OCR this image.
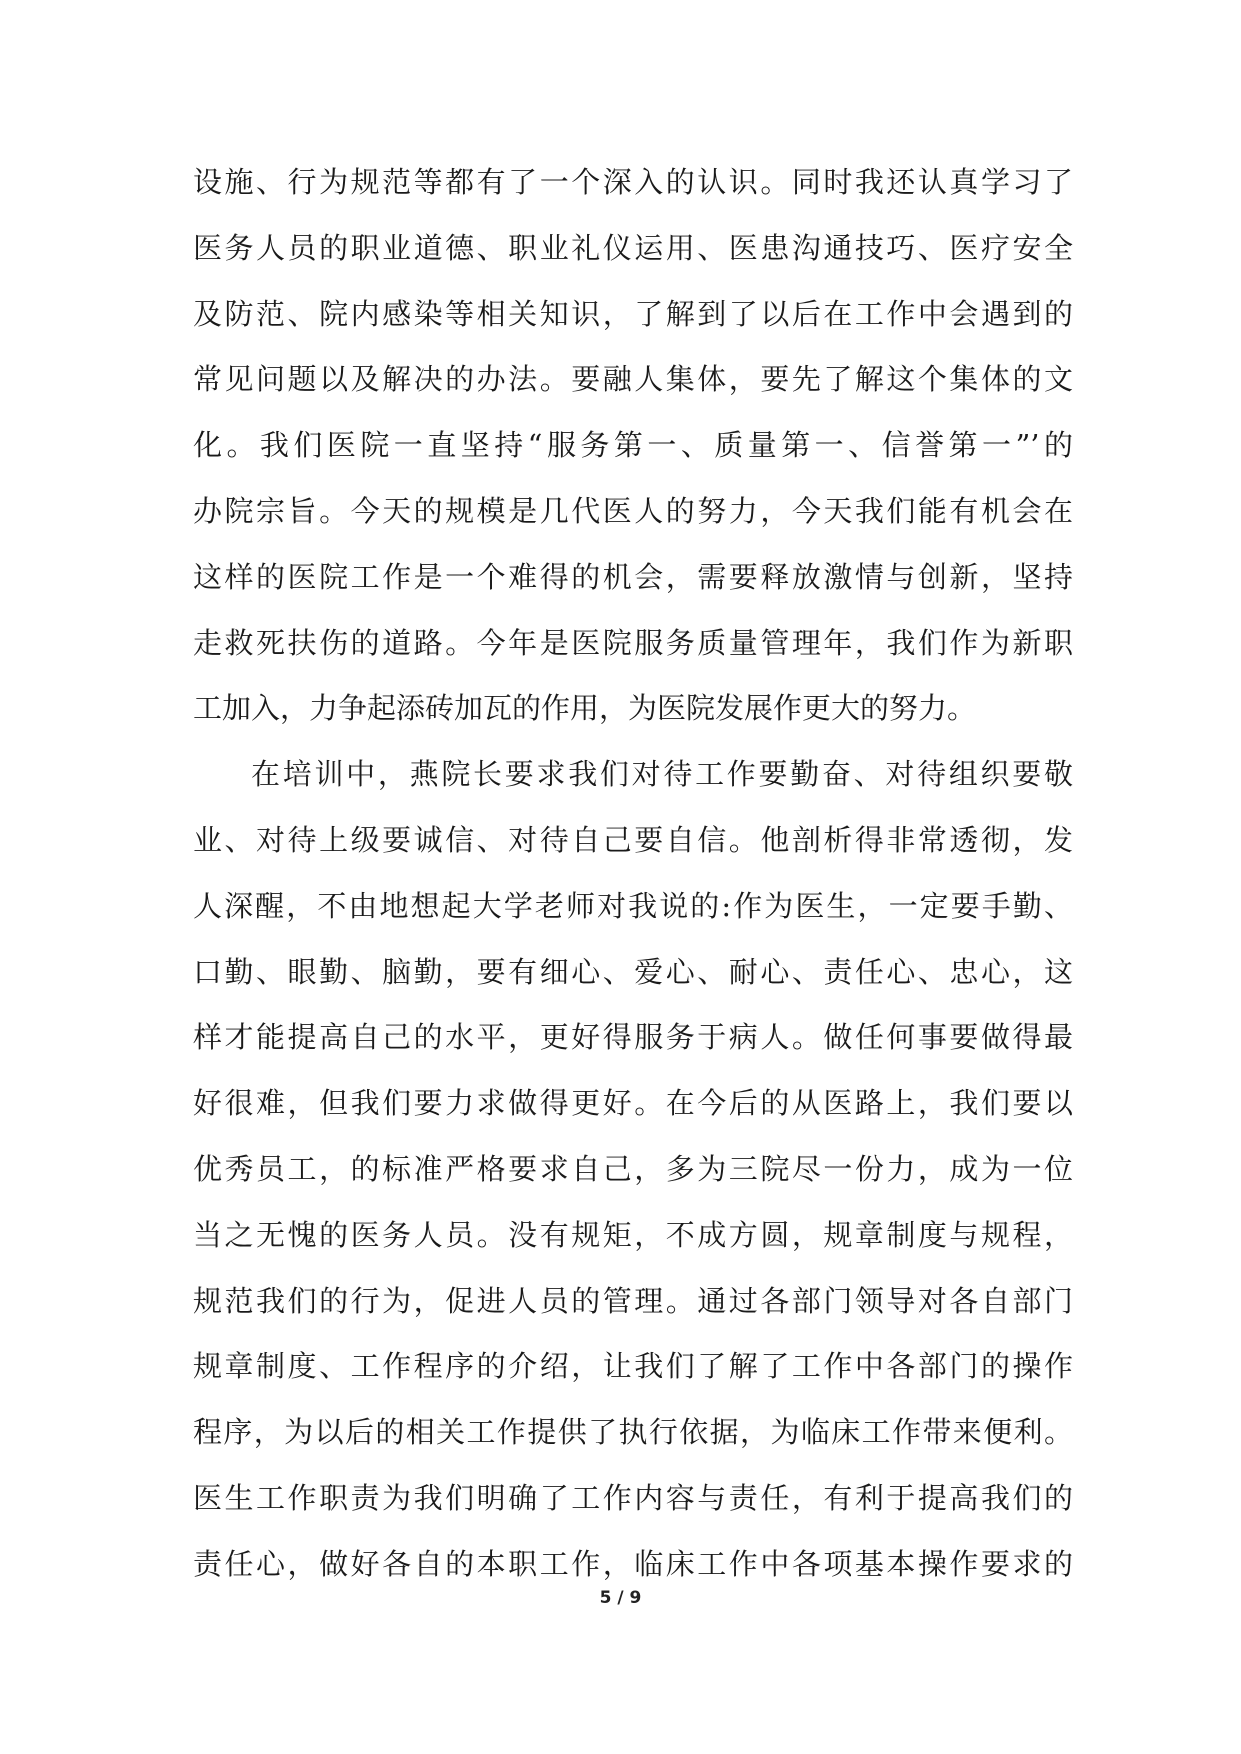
设施、行为规范等都有了一个深入的认识。同时我还认真学习了
医务人员的职业道德、职业礼仪运用、医患沟通技巧、医疗安全
及防范、院内感染等相关知识，了解到了以后在工作中会遇到的
常见问题以及解决的办法。要融人集体，要先了解这个集体的文
化。我们医院一直坚持“服务第一、质量第一、信誉第一”’的
办院宗旨。今天的规模是几代医人的努力，今天我们能有机会在
这样的医院工作是一个难得的机会，需要释放激情与创新，坚持
走救死扶伤的道路。今年是医院服务质量管理年，我们作为新职
工加入，力争起添砖加瓦的作用，为医院发展作更大的努力。
在培训中，燕院长要求我们对待工作要勤奋、对待组织要敬
业、对待上级要诚信、对待自己要自信。他剖析得非常透彻，发
人深醒，不由地想起大学老师对我说的:作为医生，一定要手勤、
口勤、眼勤、脑勤，要有细心、爱心、耐心、责任心、忠心，这
样才能提高自己的水平，更好得服务于病人。做任何事要做得最
好很难，但我们要力求做得更好。在今后的从医路上，我们要以
优秀员工，的标准严格要求自己，多为三院尽一份力，成为一位
当之无愧的医务人员。没有规矩，不成方圆，规章制度与规程，
规范我们的行为，促进人员的管理。通过各部门领导对各自部门
规章制度、工作程序的介绍，让我们了解了工作中各部门的操作
程序，为以后的相关工作提供了执行依据，为临床工作带来便利。
医生工作职责为我们明确了工作内容与责任，有利于提高我们的
责任心，做好各自的本职工作，临床工作中各项基本操作要求的
5 / 9
